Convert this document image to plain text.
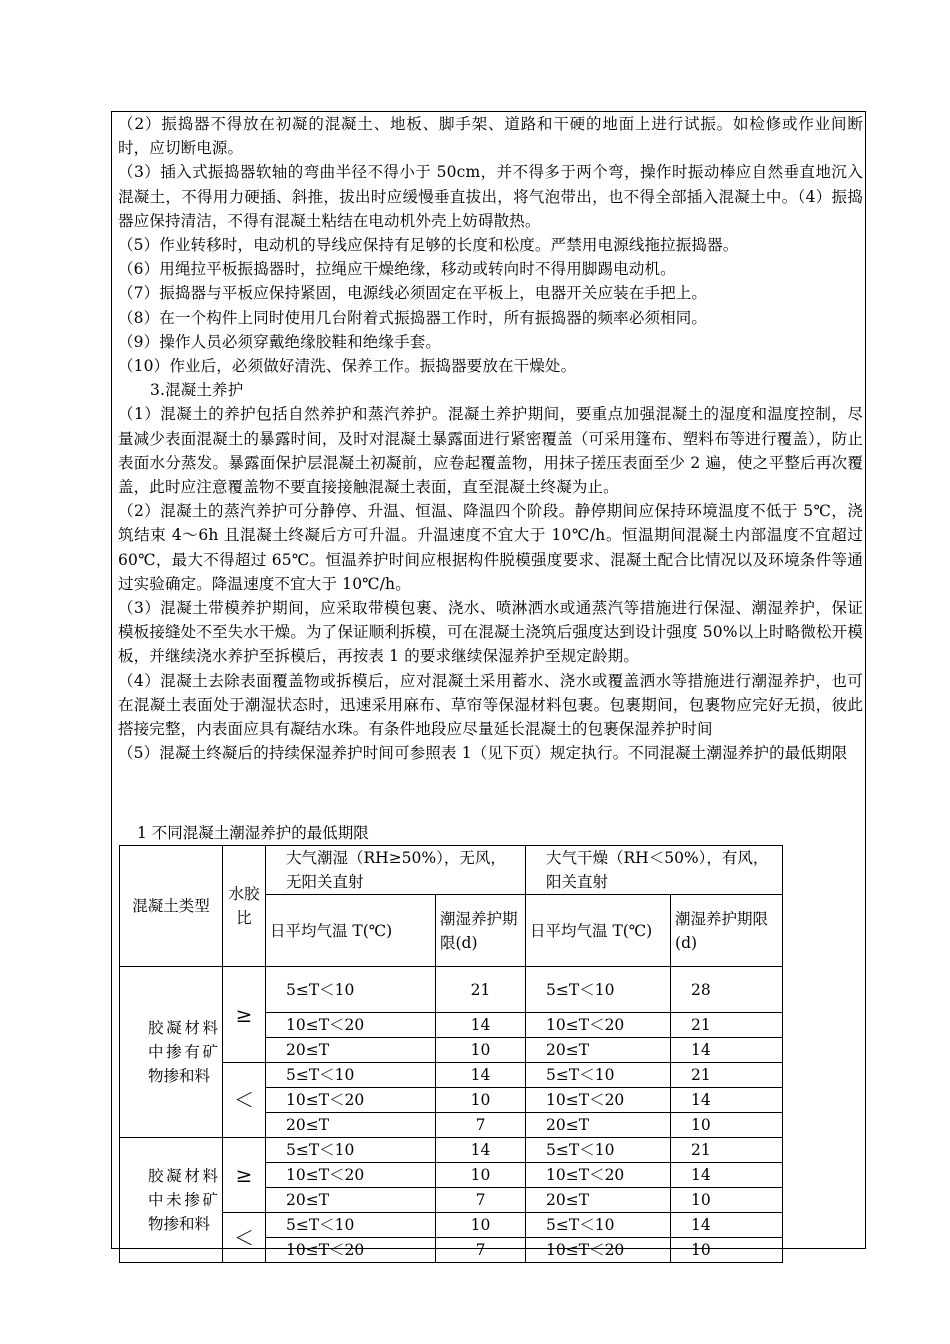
（2）振捣器不得放在初凝的混凝土、地板、脚手架、道路和干硬的地面上进行试振。如检修或作业间断时，应切断电源。

（3）插入式振捣器软轴的弯曲半径不得小于 50cm，并不得多于两个弯，操作时振动棒应自然垂直地沉入混凝土，不得用力硬插、斜推，拔出时应缓慢垂直拔出，将气泡带出，也不得全部插入混凝土中。（4）振捣器应保持清洁，不得有混凝土粘结在电动机外壳上妨碍散热。

（5）作业转移时，电动机的导线应保持有足够的长度和松度。严禁用电源线拖拉振捣器。

（6）用绳拉平板振捣器时，拉绳应干燥绝缘，移动或转向时不得用脚踢电动机。

（7）振捣器与平板应保持紧固，电源线必须固定在平板上，电器开关应装在手把上。

（8）在一个构件上同时使用几台附着式振捣器工作时，所有振捣器的频率必须相同。

（9）操作人员必须穿戴绝缘胶鞋和绝缘手套。

（10）作业后，必须做好清洗、保养工作。振捣器要放在干燥处。

3.混凝土养护

（1）混凝土的养护包括自然养护和蒸汽养护。混凝土养护期间，要重点加强混凝土的湿度和温度控制，尽量减少表面混凝土的暴露时间，及时对混凝土暴露面进行紧密覆盖（可采用篷布、塑料布等进行覆盖），防止表面水分蒸发。暴露面保护层混凝土初凝前，应卷起覆盖物，用抹子搓压表面至少 2 遍，使之平整后再次覆盖，此时应注意覆盖物不要直接接触混凝土表面，直至混凝土终凝为止。

（2）混凝土的蒸汽养护可分静停、升温、恒温、降温四个阶段。静停期间应保持环境温度不低于 5℃，浇筑结束 4～6h 且混凝土终凝后方可升温。升温速度不宜大于 10℃/h。恒温期间混凝土内部温度不宜超过 60℃，最大不得超过 65℃。恒温养护时间应根据构件脱模强度要求、混凝土配合比情况以及环境条件等通过实验确定。降温速度不宜大于 10℃/h。

（3）混凝土带模养护期间，应采取带模包裹、浇水、喷淋洒水或通蒸汽等措施进行保湿、潮湿养护，保证模板接缝处不至失水干燥。为了保证顺利拆模，可在混凝土浇筑后强度达到设计强度 50%以上时略微松开模板，并继续浇水养护至拆模后，再按表 1 的要求继续保湿养护至规定龄期。

（4）混凝土去除表面覆盖物或拆模后，应对混凝土采用蓄水、浇水或覆盖洒水等措施进行潮湿养护，也可在混凝土表面处于潮湿状态时，迅速采用麻布、草帘等保湿材料包裹。包裹期间，包裹物应完好无损，彼此搭接完整，内表面应具有凝结水珠。有条件地段应尽量延长混凝土的包裹保湿养护时间

（5）混凝土终凝后的持续保湿养护时间可参照表 1（见下页）规定执行。不同混凝土潮湿养护的最低期限

1 不同混凝土潮湿养护的最低期限
混凝土类型	水胶比	大气潮湿（RH≥50%），无风，无阳关直射		大气干燥（RH＜50%），有风，阳关直射	
		日平均气温 T(℃)	潮湿养护期限(d)	日平均气温 T(℃)	潮湿养护期限(d)
胶凝材料中掺有矿物掺和料	≥	5≤T＜10	21	5≤T＜10	28
		10≤T＜20	14	10≤T＜20	21
		20≤T	10	20≤T	14
	＜	5≤T＜10	14	5≤T＜10	21
		10≤T＜20	10	10≤T＜20	14
		20≤T	7	20≤T	10
胶凝材料中未掺矿物掺和料	≥	5≤T＜10	14	5≤T＜10	21
		10≤T＜20	10	10≤T＜20	14
		20≤T	7	20≤T	10
	＜	5≤T＜10	10	5≤T＜10	14
		10≤T＜20	7	10≤T＜20	10
